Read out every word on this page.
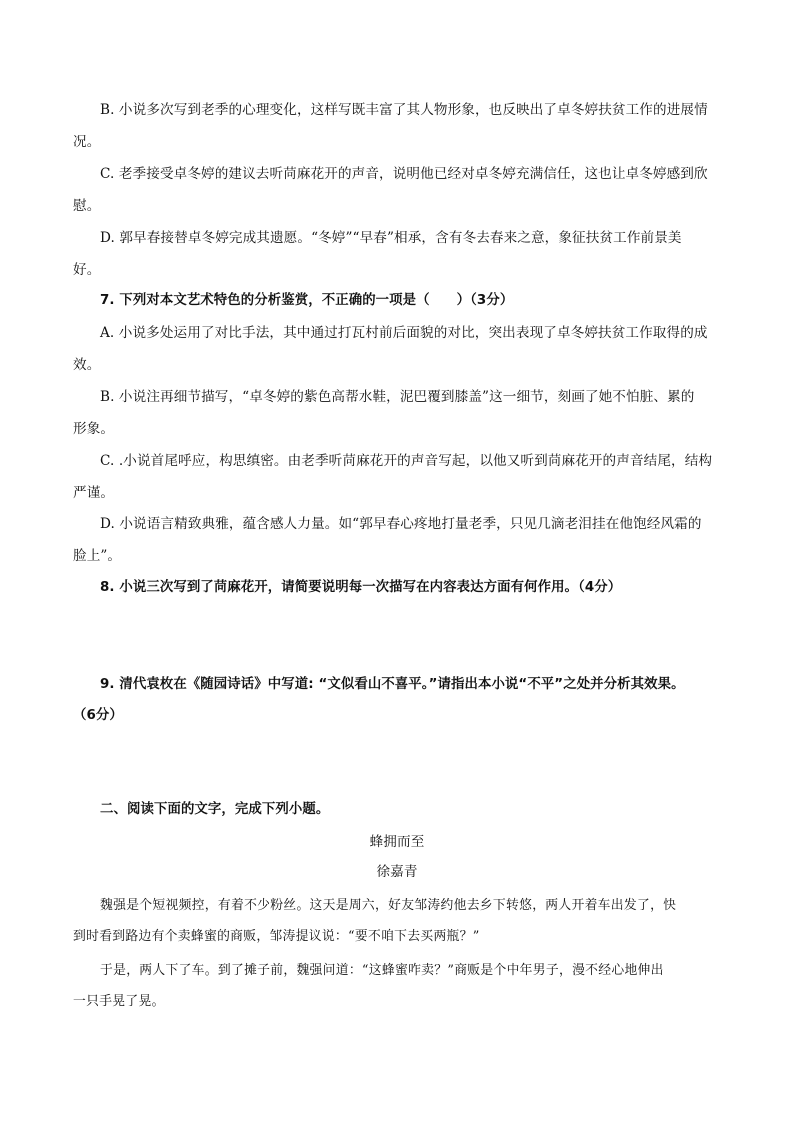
B. 小说多次写到老季的心理变化，这样写既丰富了其人物形象，也反映出了卓冬婷扶贫工作的进展情
况。
C. 老季接受卓冬婷的建议去听苘麻花开的声音，说明他已经对卓冬婷充满信任，这也让卓冬婷感到欣
慰。
D. 郭早春接替卓冬婷完成其遗愿。“冬婷”“早春”相承，含有冬去春来之意，象征扶贫工作前景美
好。
7. 下列对本文艺术特色的分析鉴赏，不正确的一项是（　　）（3分）
A. 小说多处运用了对比手法，其中通过打瓦村前后面貌的对比，突出表现了卓冬婷扶贫工作取得的成
效。
B. 小说注再细节描写，“卓冬婷的紫色高帮水鞋，泥巴覆到膝盖”这一细节，刻画了她不怕脏、累的
形象。
C. .小说首尾呼应，构思缜密。由老季听苘麻花开的声音写起，以他又听到苘麻花开的声音结尾，结构
严谨。
D. 小说语言精致典雅，蕴含感人力量。如“郭早春心疼地打量老季，只见几滴老泪挂在他饱经风霜的
脸上”。
8. 小说三次写到了苘麻花开，请简要说明每一次描写在内容表达方面有何作用。（4分）
9. 清代袁枚在《随园诗话》中写道: “文似看山不喜平。”请指出本小说“不平”之处并分析其效果。
（6分）
二、阅读下面的文字，完成下列小题。
蜂拥而至
徐嘉青
魏强是个短视频控，有着不少粉丝。这天是周六，好友邹涛约他去乡下转悠，两人开着车出发了，快
到时看到路边有个卖蜂蜜的商贩，邹涛提议说：“要不咱下去买两瓶？”
于是，两人下了车。到了摊子前，魏强问道：“这蜂蜜咋卖？”商贩是个中年男子，漫不经心地伸出
一只手晃了晃。
